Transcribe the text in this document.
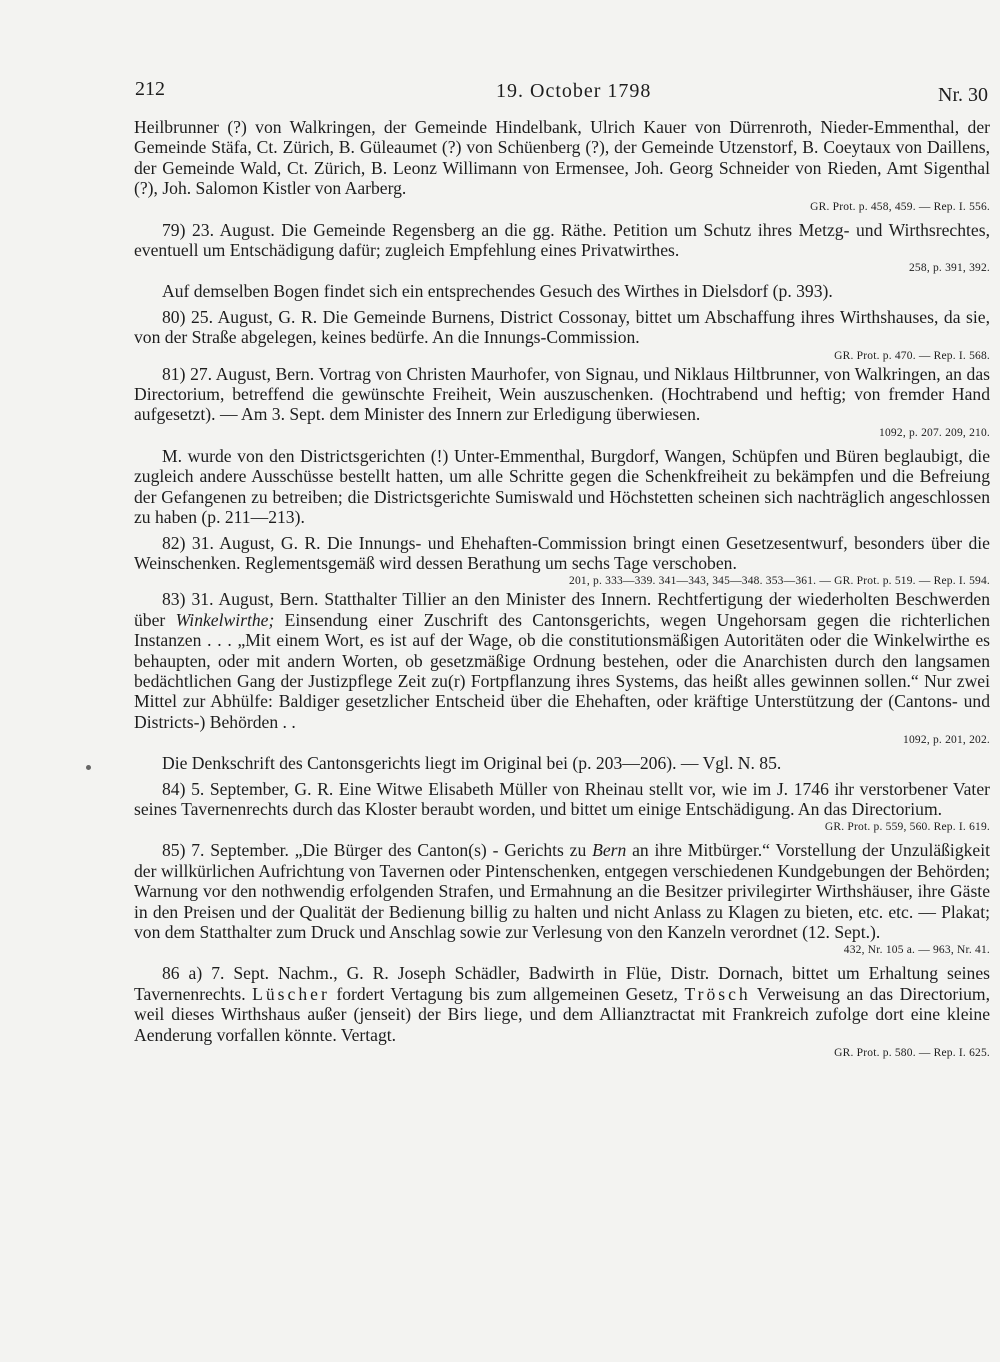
212	19. October 1798	Nr. 30

Heilbrunner (?) von Walkringen, der Gemeinde Hindelbank, Ulrich Kauer von Dürrenroth, Nieder-Emmenthal, der Gemeinde Stäfa, Ct. Zürich, B. Güleaumet (?) von Schüenberg (?), der Gemeinde Utzenstorf, B. Coeytaux von Daillens, der Gemeinde Wald, Ct. Zürich, B. Leonz Willimann von Ermensee, Joh. Georg Schneider von Rieden, Amt Sigenthal (?), Joh. Salomon Kistler von Aarberg.
GR. Prot. p. 458, 459. — Rep. I. 556.

79) 23. August. Die Gemeinde Regensberg an die gg. Räthe. Petition um Schutz ihres Metzg- und Wirthsrechtes, eventuell um Entschädigung dafür; zugleich Empfehlung eines Privatwirthes.
258, p. 391, 392.

Auf demselben Bogen findet sich ein entsprechendes Gesuch des Wirthes in Dielsdorf (p. 393).

80) 25. August, G. R. Die Gemeinde Burnens, District Cossonay, bittet um Abschaffung ihres Wirthshauses, da sie, von der Straße abgelegen, keines bedürfe. An die Innungs-Commission.
GR. Prot. p. 470. — Rep. I. 568.

81) 27. August, Bern. Vortrag von Christen Maurhofer, von Signau, und Niklaus Hiltbrunner, von Walkringen, an das Directorium, betreffend die gewünschte Freiheit, Wein auszuschenken. (Hochtrabend und heftig; von fremder Hand aufgesetzt). — Am 3. Sept. dem Minister des Innern zur Erledigung überwiesen.
1092, p. 207. 209, 210.

M. wurde von den Districtsgerichten (!) Unter-Emmenthal, Burgdorf, Wangen, Schüpfen und Büren beglaubigt, die zugleich andere Ausschüsse bestellt hatten, um alle Schritte gegen die Schenkfreiheit zu bekämpfen und die Befreiung der Gefangenen zu betreiben; die Districtsgerichte Sumiswald und Höchstetten scheinen sich nachträglich angeschlossen zu haben (p. 211—213).

82) 31. August, G. R. Die Innungs- und Ehehaften-Commission bringt einen Gesetzesentwurf, besonders über die Weinschenken. Reglementsgemäß wird dessen Berathung um sechs Tage verschoben.
201, p. 333—339. 341—343, 345—348. 353—361. — GR. Prot. p. 519. — Rep. I. 594.

83) 31. August, Bern. Statthalter Tillier an den Minister des Innern. Rechtfertigung der wiederholten Beschwerden über Winkelwirthe; Einsendung einer Zuschrift des Cantonsgerichts, wegen Ungehorsam gegen die richterlichen Instanzen . . . „Mit einem Wort, es ist auf der Wage, ob die constitutionsmäßigen Autoritäten oder die Winkelwirthe es behaupten, oder mit andern Worten, ob gesetzmäßige Ordnung bestehen, oder die Anarchisten durch den langsamen bedächtlichen Gang der Justizpflege Zeit zu(r) Fortpflanzung ihres Systems, das heißt alles gewinnen sollen.“ Nur zwei Mittel zur Abhülfe: Baldiger gesetzlicher Entscheid über die Ehehaften, oder kräftige Unterstützung der (Cantons- und Districts-) Behörden . .
1092, p. 201, 202.

Die Denkschrift des Cantonsgerichts liegt im Original bei (p. 203—206). — Vgl. N. 85.

84) 5. September, G. R. Eine Witwe Elisabeth Müller von Rheinau stellt vor, wie im J. 1746 ihr verstorbener Vater seines Tavernenrechts durch das Kloster beraubt worden, und bittet um einige Entschädigung. An das Directorium.
GR. Prot. p. 559, 560. Rep. I. 619.

85) 7. September. „Die Bürger des Canton(s) - Gerichts zu Bern an ihre Mitbürger.“ Vorstellung der Unzuläßigkeit der willkürlichen Aufrichtung von Tavernen oder Pintenschenken, entgegen verschiedenen Kundgebungen der Behörden; Warnung vor den nothwendig erfolgenden Strafen, und Ermahnung an die Besitzer privilegirter Wirthshäuser, ihre Gäste in den Preisen und der Qualität der Bedienung billig zu halten und nicht Anlass zu Klagen zu bieten, etc. etc. — Plakat; von dem Statthalter zum Druck und Anschlag sowie zur Verlesung von den Kanzeln verordnet (12. Sept.).
432, Nr. 105 a. — 963, Nr. 41.

86 a) 7. Sept. Nachm., G. R. Joseph Schädler, Badwirth in Flüe, Distr. Dornach, bittet um Erhaltung seines Tavernenrechts. Lüscher fordert Vertagung bis zum allgemeinen Gesetz, Trösch Verweisung an das Directorium, weil dieses Wirthshaus außer (jenseit) der Birs liege, und dem Allianztractat mit Frankreich zufolge dort eine kleine Aenderung vorfallen könnte. Vertagt.
GR. Prot. p. 580. — Rep. I. 625.
